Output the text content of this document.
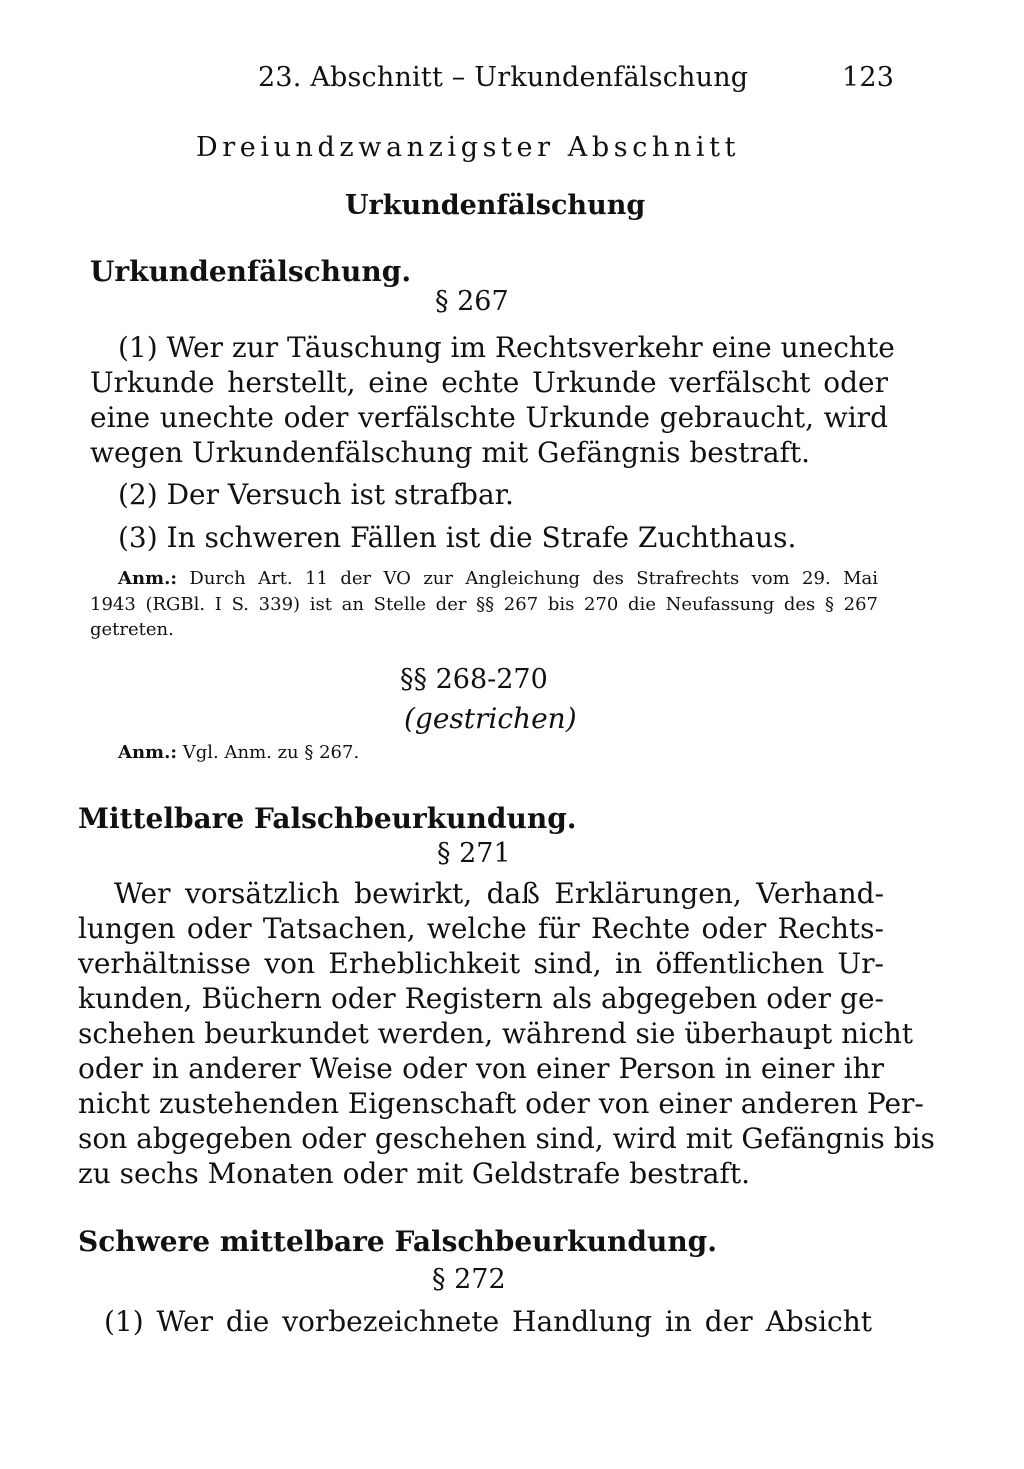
23. Abschnitt – Urkundenfälschung	123
Dreiundzwanzigster Abschnitt
Urkundenfälschung
Urkundenfälschung.
§ 267
(1) Wer zur Täuschung im Rechtsverkehr eine unechte
Urkunde herstellt, eine echte Urkunde verfälscht oder
eine unechte oder verfälschte Urkunde gebraucht, wird
wegen Urkundenfälschung mit Gefängnis bestraft.
(2) Der Versuch ist strafbar.
(3) In schweren Fällen ist die Strafe Zuchthaus.
Anm.: Durch Art. 11 der VO zur Angleichung des Strafrechts vom 29. Mai
1943 (RGBl. I S. 339) ist an Stelle der §§ 267 bis 270 die Neufassung des § 267
getreten.
§§ 268-270
(gestrichen)
Anm.: Vgl. Anm. zu § 267.
Mittelbare Falschbeurkundung.
§ 271
Wer vorsätzlich bewirkt, daß Erklärungen, Verhand-
lungen oder Tatsachen, welche für Rechte oder Rechts-
verhältnisse von Erheblichkeit sind, in öffentlichen Ur-
kunden, Büchern oder Registern als abgegeben oder ge-
schehen beurkundet werden, während sie überhaupt nicht
oder in anderer Weise oder von einer Person in einer ihr
nicht zustehenden Eigenschaft oder von einer anderen Per-
son abgegeben oder geschehen sind, wird mit Gefängnis bis
zu sechs Monaten oder mit Geldstrafe bestraft.
Schwere mittelbare Falschbeurkundung.
§ 272
(1) Wer die vorbezeichnete Handlung in der Absicht
